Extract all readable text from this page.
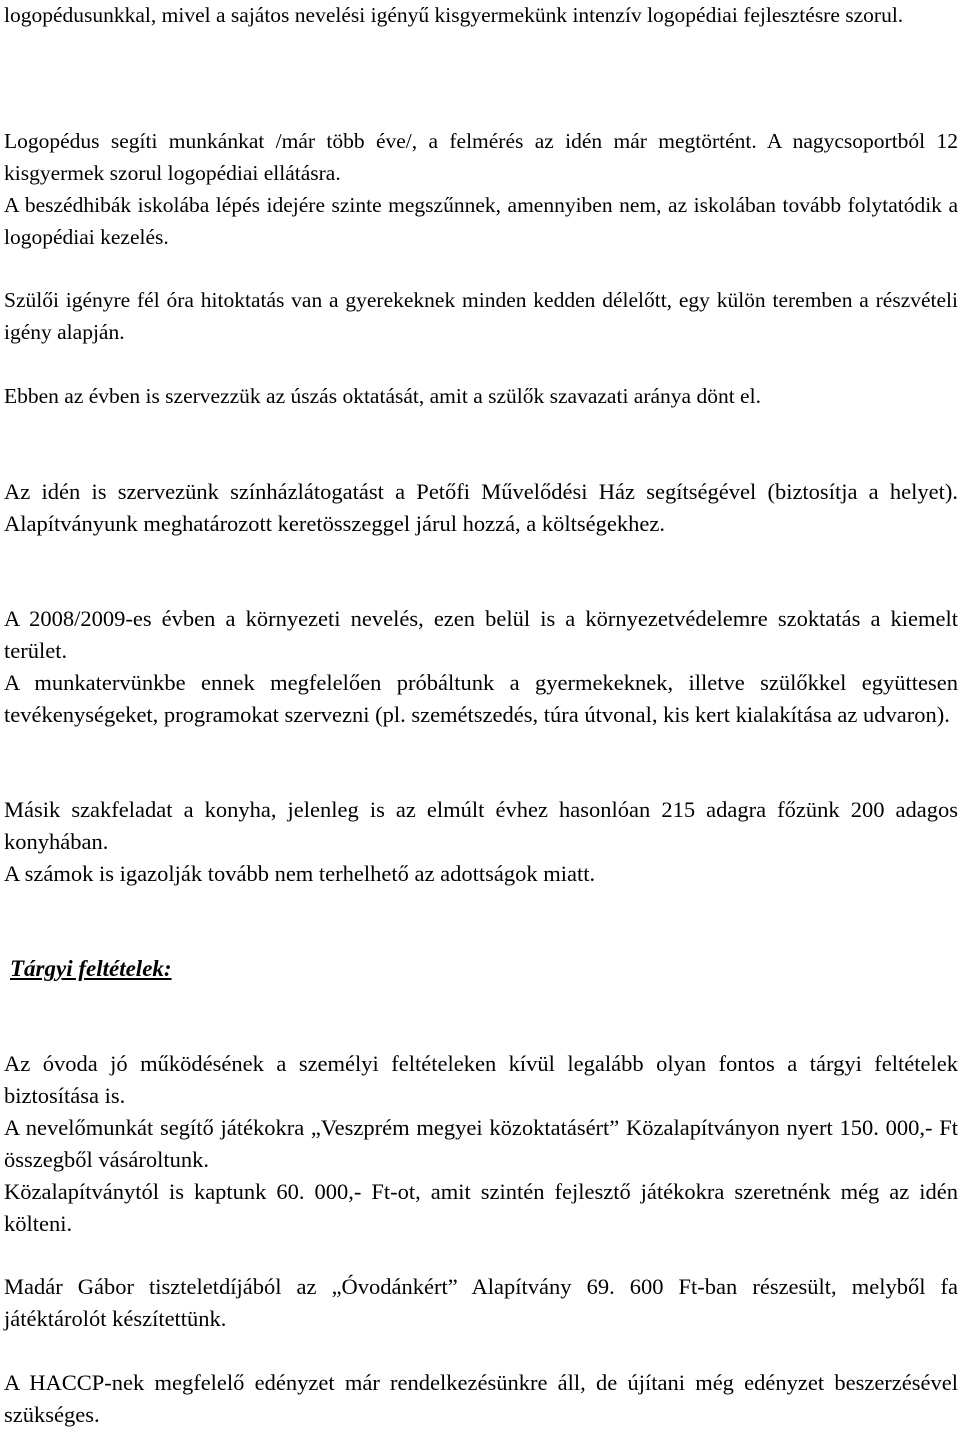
logopédusunkkal, mivel a sajátos nevelési igényű kisgyermekünk intenzív logopédiai fejlesztésre szorul.

Logopédus segíti munkánkat /már több éve/, a felmérés az idén már megtörtént. A nagycsoportból 12 kisgyermek szorul logopédiai ellátásra.

A beszédhibák iskolába lépés idejére szinte megszűnnek, amennyiben nem, az iskolában tovább folytatódik a logopédiai kezelés.

Szülői igényre fél óra hitoktatás van a gyerekeknek minden kedden délelőtt, egy külön teremben a részvételi igény alapján.

Ebben az évben is szervezzük az úszás oktatását, amit a szülők szavazati aránya dönt el.

Az idén is szervezünk színházlátogatást a Petőfi Művelődési Ház segítségével (biztosítja a helyet). Alapítványunk meghatározott keretösszeggel járul hozzá, a költségekhez.

A 2008/2009-es évben a környezeti nevelés, ezen belül is a környezetvédelemre szoktatás a kiemelt terület.

A munkatervünkbe ennek megfelelően próbáltunk a gyermekeknek, illetve szülőkkel együttesen tevékenységeket, programokat szervezni (pl. szemétszedés, túra útvonal, kis kert kialakítása az udvaron).

Másik szakfeladat a konyha, jelenleg is az elmúlt évhez hasonlóan 215 adagra főzünk 200 adagos konyhában.

A számok is igazolják tovább nem terhelhető az adottságok miatt.

Tárgyi feltételek:

Az óvoda jó működésének a személyi feltételeken kívül legalább olyan fontos a tárgyi feltételek biztosítása is.

A nevelőmunkát segítő játékokra „Veszprém megyei közoktatásért” Közalapítványon nyert 150. 000,- Ft összegből vásároltunk.

Közalapítványtól is kaptunk 60. 000,- Ft-ot, amit szintén fejlesztő játékokra szeretnénk még az idén költeni.

Madár Gábor tiszteletdíjából az „Óvodánkért” Alapítvány 69. 600 Ft-ban részesült, melyből fa játéktárolót készítettünk.

A HACCP-nek megfelelő edényzet már rendelkezésünkre áll, de újítani még edényzet beszerzésével szükséges.
